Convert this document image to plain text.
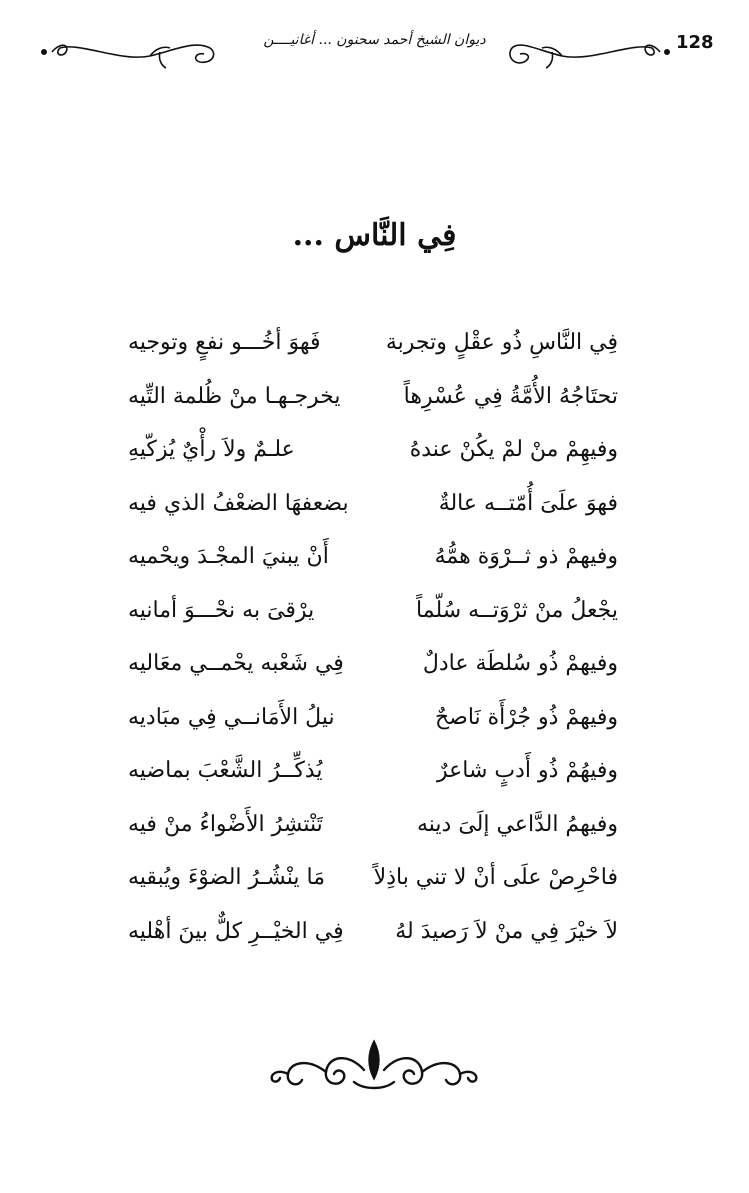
128
ديوان الشيخ أحمد سحنون ... أغانيــــن
فِي النَّاس ...
فِي النَّاسِ ذُو عقْلٍ وتجربة
فَهوَ أخُـــو نفعٍ وتوجيه
تحتَاجُهُ الأُمَّةُ فِي عُسْرِهاً
يخرجـهـا منْ ظُلمة التِّيه
وفيهِمْ منْ لمْ يكُنْ عندهُ
علـمٌ ولاَ رأْيٌ يُزكّيهِ
فهوَ علَىَ أُمّتــه عالةٌ
بضعفهَا الضعْفُ الذي فيه
وفيهمْ ذو ثــرْوَة همُّهُ
أَنْ يبنيَ المجْـدَ ويحْميه
يجْعلُ منْ ثرْوَتــه سُلّماً
يرْقىَ به نحْـــوَ أمانيه
وفيهمْ ذُو سُلطَة عادلٌ
فِي شَعْبه يحْمــي معَاليه
وفيهمْ ذُو جُرْأَة نَاصحٌ
نيلُ الأَمَانــي فِي مبَاديه
وفيهُمْ ذُو أَدبٍ شاعرٌ
يُذكِّــرُ الشَّعْبَ بماضيه
وفيهمُ الدَّاعي إلَىَ دينه
تَنْتشِرُ الأَضْواءُ منْ فيه
فاحْرِصْ علَى أنْ لا تني باذِلاً
مَا ينْشُـرُ الضوْءَ ويُبقيه
لاَ خيْرَ فِي منْ لاَ رَصيدَ لهُ
فِي الخيْــرِ كلٌّ بينَ أهْليه
